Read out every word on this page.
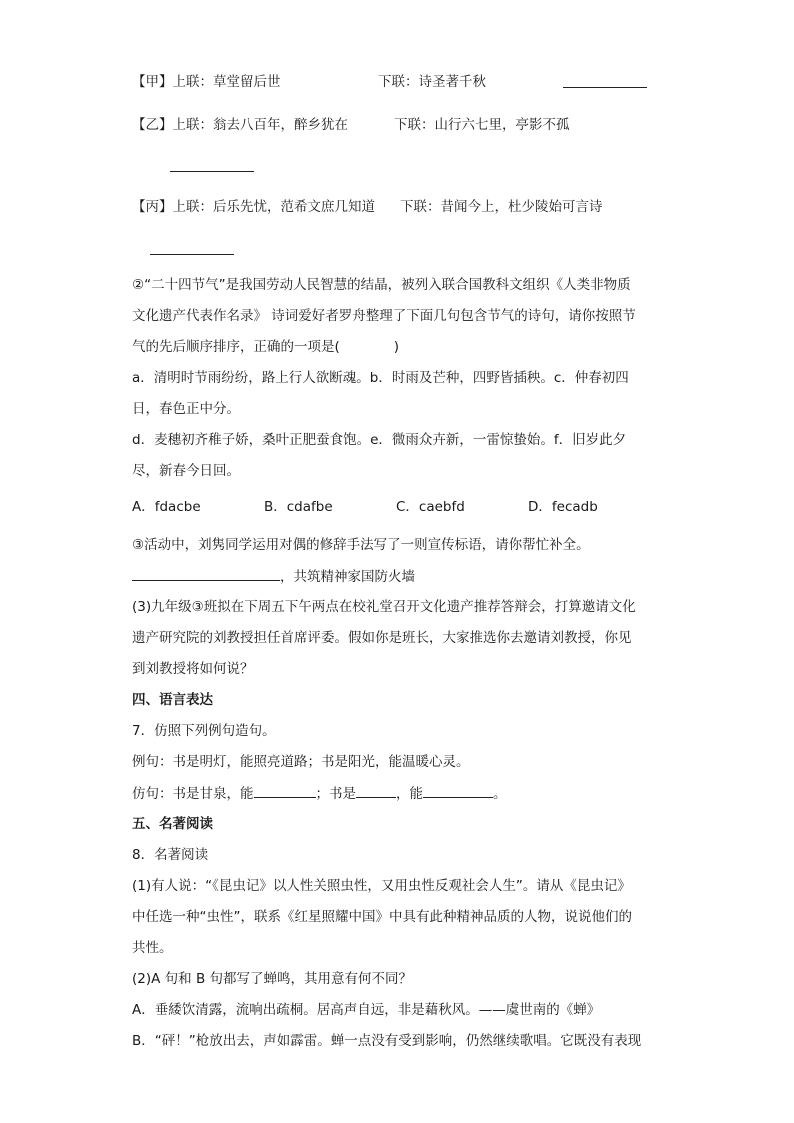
【甲】上联：草堂留后世	下联：诗圣著千秋
【乙】上联：翁去八百年，醉乡犹在	下联：山行六七里，亭影不孤
【丙】上联：后乐先忧，范希文庶几知道 下联：昔闻今上，杜少陵始可言诗
②“二十四节气”是我国劳动人民智慧的结晶，被列入联合国教科文组织《人类非物质
文化遗产代表作名录》 诗词爱好者罗舟整理了下面几句包含节气的诗句，请你按照节
气的先后顺序排序，正确的一项是(　　　　)
a．清明时节雨纷纷，路上行人欲断魂。b．时雨及芒种，四野皆插秧。c．仲春初四
日，春色正中分。
d．麦穗初齐稚子娇，桑叶正肥蚕食饱。e．微雨众卉新，一雷惊蛰始。f．旧岁此夕
尽，新春今日回。
A．fdacbe	B．cdafbe	C．caebfd	D．fecadb
③活动中，刘隽同学运用对偶的修辞手法写了一则宣传标语，请你帮忙补全。
，共筑精神家国防火墙
(3)九年级③班拟在下周五下午两点在校礼堂召开文化遗产推荐答辩会，打算邀请文化
遗产研究院的刘教授担任首席评委。假如你是班长，大家推选你去邀请刘教授，你见
到刘教授将如何说？
四、语言表达
7．仿照下列例句造句。
例句：书是明灯，能照亮道路；书是阳光，能温暖心灵。
仿句：书是甘泉，能	；书是	，能	。
五、名著阅读
8．名著阅读
(1)有人说：“《昆虫记》以人性关照虫性，又用虫性反观社会人生”。请从《昆虫记》
中任选一种“虫性”，联系《红星照耀中国》中具有此种精神品质的人物，说说他们的
共性。
(2)A 句和 B 句都写了蝉鸣，其用意有何不同？
A．垂緌饮清露，流响出疏桐。居高声自远，非是藉秋风。——虞世南的《蝉》
B．“砰！”枪放出去，声如霹雷。蝉一点没有受到影响，仍然继续歌唱。它既没有表现
